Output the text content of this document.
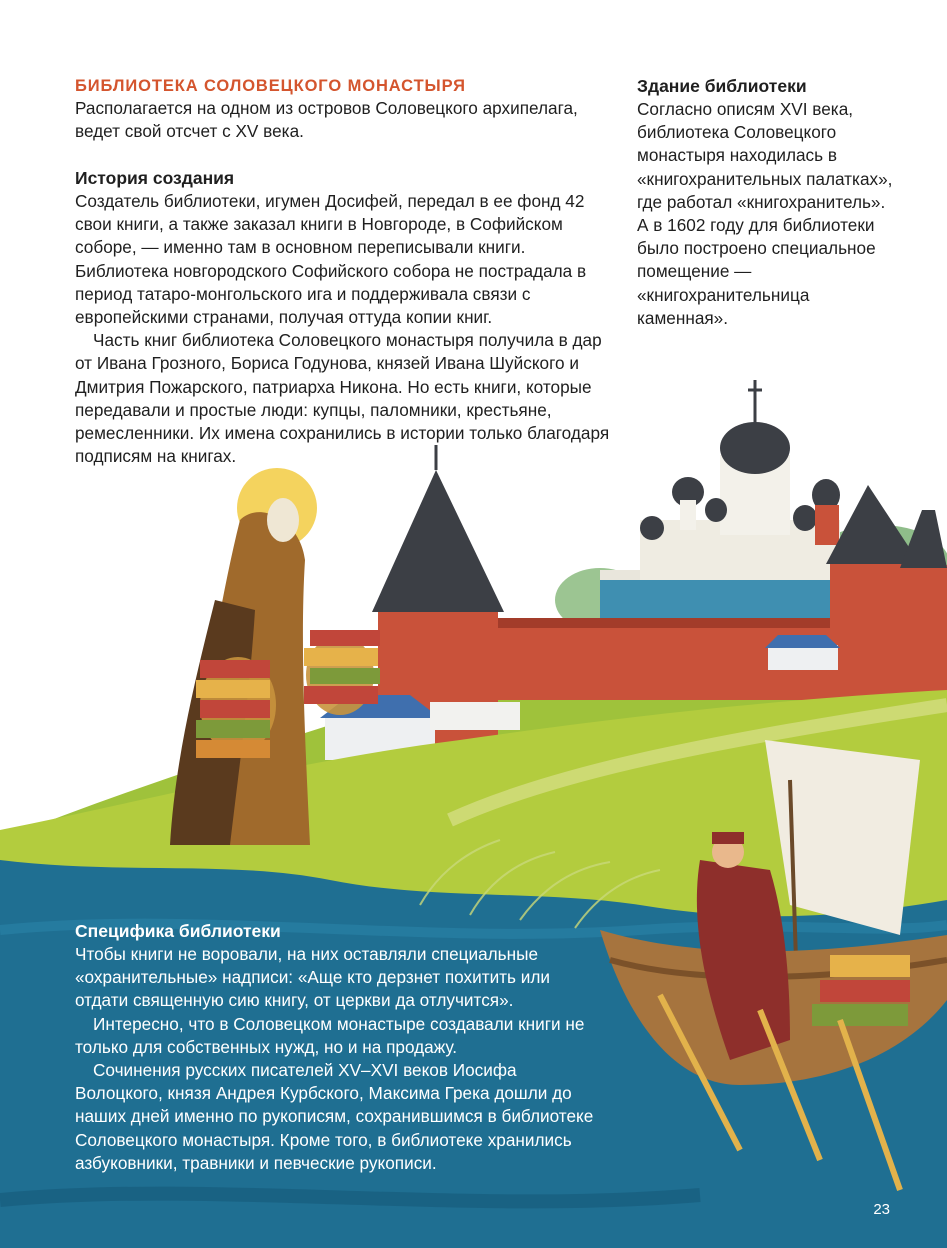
БИБЛИОТЕКА СОЛОВЕЦКОГО МОНАСТЫРЯ

Располагается на одном из островов Соловецкого архипелага, ведет свой отсчет с XV века.

История создания

Создатель библиотеки, игумен Досифей, передал в ее фонд 42 свои книги, а также заказал книги в Новгороде, в Софийском соборе, — именно там в основном переписывали книги. Библиотека новгородского Софийского собора не пострадала в период татаро-монгольского ига и поддерживала связи с европейскими странами, получая оттуда копии книг.

Часть книг библиотека Соловецкого монастыря получила в дар от Ивана Грозного, Бориса Годунова, князей Ивана Шуйского и Дмитрия Пожарского, патриарха Никона. Но есть книги, которые передавали и простые люди: купцы, паломники, крестьяне, ремесленники. Их имена сохранились в истории только благодаря подписям на книгах.

Здание библиотеки

Согласно описям XVI века, библиотека Соловецкого монастыря находилась в «книгохранительных палатках», где работал «книгохранитель». А в 1602 году для библиотеки было построено специальное помещение — «книгохранительница каменная».

Специфика библиотеки

Чтобы книги не воровали, на них оставляли специальные «охранительные» надписи: «Аще кто дерзнет похитить или отдати священную сию книгу, от церкви да отлучится».

Интересно, что в Соловецком монастыре создавали книги не только для собственных нужд, но и на продажу.

Сочинения русских писателей XV–XVI веков Иосифа Волоцкого, князя Андрея Курбского, Максима Грека дошли до наших дней именно по рукописям, сохранившимся в библиотеке Соловецкого монастыря. Кроме того, в библиотеке хранились азбуковники, травники и певческие рукописи.

23
